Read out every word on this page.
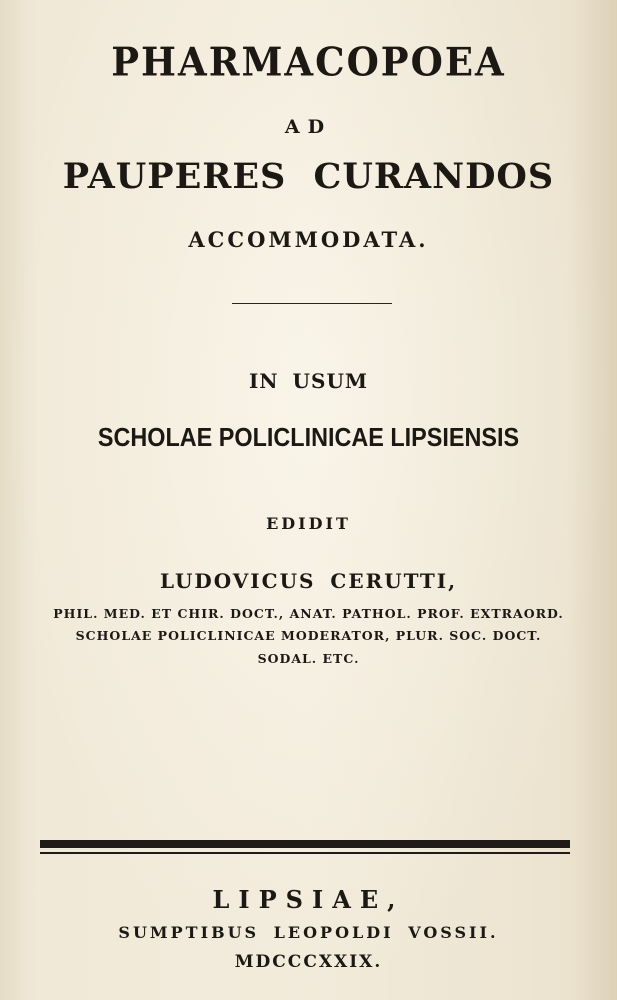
PHARMACOPOEA
AD
PAUPERES CURANDOS
ACCOMMODATA.
IN USUM
SCHOLAE POLICLINICAE LIPSIENSIS
EDIDIT
LUDOVICUS CERUTTI,
PHIL. MED. ET CHIR. DOCT., ANAT. PATHOL. PROF. EXTRAORD.
SCHOLAE POLICLINICAE MODERATOR, PLUR. SOC. DOCT.
SODAL. ETC.
LIPSIAE,
SUMPTIBUS LEOPOLDI VOSSII.
MDCCCXXIX.
